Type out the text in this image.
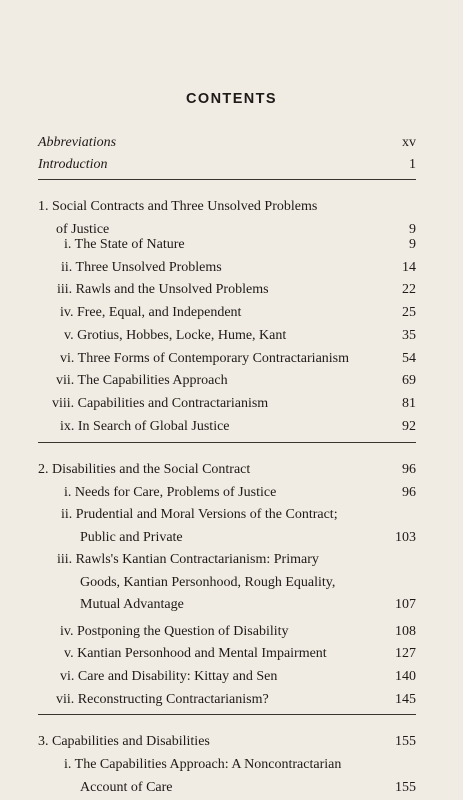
CONTENTS
Abbreviations	xv
Introduction	1
1. Social Contracts and Three Unsolved Problems
of Justice	9
i. The State of Nature	9
ii. Three Unsolved Problems	14
iii. Rawls and the Unsolved Problems	22
iv. Free, Equal, and Independent	25
v. Grotius, Hobbes, Locke, Hume, Kant	35
vi. Three Forms of Contemporary Contractarianism	54
vii. The Capabilities Approach	69
viii. Capabilities and Contractarianism	81
ix. In Search of Global Justice	92
2. Disabilities and the Social Contract	96
i. Needs for Care, Problems of Justice	96
ii. Prudential and Moral Versions of the Contract;
Public and Private	103
iii. Rawls's Kantian Contractarianism: Primary
Goods, Kantian Personhood, Rough Equality,
Mutual Advantage	107
iv. Postponing the Question of Disability	108
v. Kantian Personhood and Mental Impairment	127
vi. Care and Disability: Kittay and Sen	140
vii. Reconstructing Contractarianism?	145
3. Capabilities and Disabilities	155
i. The Capabilities Approach: A Noncontractarian
Account of Care	155
